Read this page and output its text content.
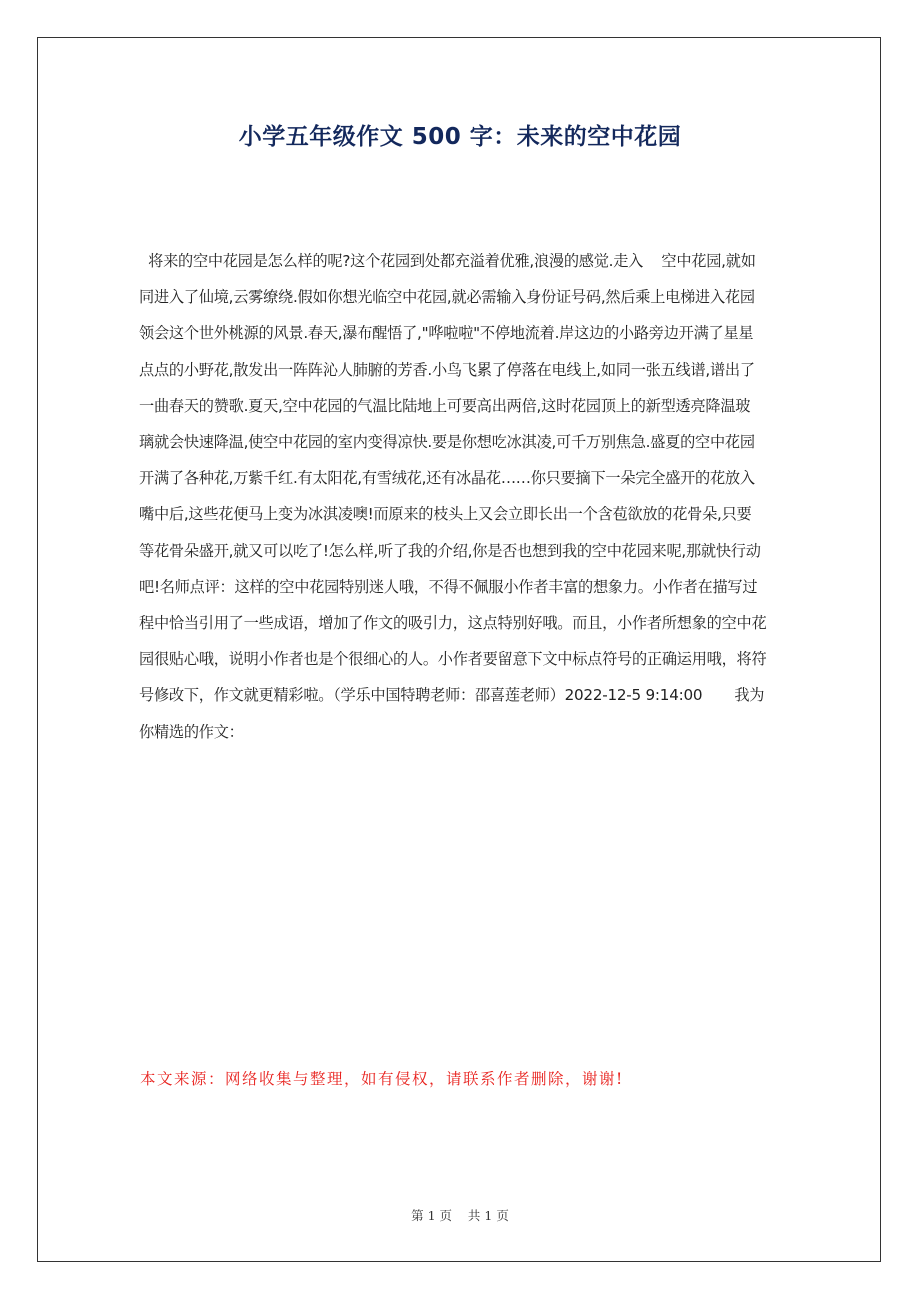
小学五年级作文 500 字：未来的空中花园
将来的空中花园是怎么样的呢?这个花园到处都充溢着优雅,浪漫的感觉.走入    空中花园,就如
同进入了仙境,云雾缭绕.假如你想光临空中花园,就必需输入身份证号码,然后乘上电梯进入花园
领会这个世外桃源的风景.春天,瀑布醒悟了,"哗啦啦"不停地流着.岸这边的小路旁边开满了星星
点点的小野花,散发出一阵阵沁人肺腑的芳香.小鸟飞累了停落在电线上,如同一张五线谱,谱出了
一曲春天的赞歌.夏天,空中花园的气温比陆地上可要高出两倍,这时花园顶上的新型透亮降温玻
璃就会快速降温,使空中花园的室内变得凉快.要是你想吃冰淇凌,可千万别焦急.盛夏的空中花园
开满了各种花,万紫千红.有太阳花,有雪绒花,还有冰晶花……你只要摘下一朵完全盛开的花放入
嘴中后,这些花便马上变为冰淇凌噢!而原来的枝头上又会立即长出一个含苞欲放的花骨朵,只要
等花骨朵盛开,就又可以吃了!怎么样,听了我的介绍,你是否也想到我的空中花园来呢,那就快行动
吧!名师点评：这样的空中花园特别迷人哦，不得不佩服小作者丰富的想象力。小作者在描写过
程中恰当引用了一些成语，增加了作文的吸引力，这点特别好哦。而且，小作者所想象的空中花
园很贴心哦，说明小作者也是个很细心的人。小作者要留意下文中标点符号的正确运用哦，将符
号修改下，作文就更精彩啦。（学乐中国特聘老师：邵喜莲老师）2022-12-5 9:14:00       我为
你精选的作文：
本文来源：网络收集与整理，如有侵权，请联系作者删除，谢谢!
第 1 页    共 1 页
